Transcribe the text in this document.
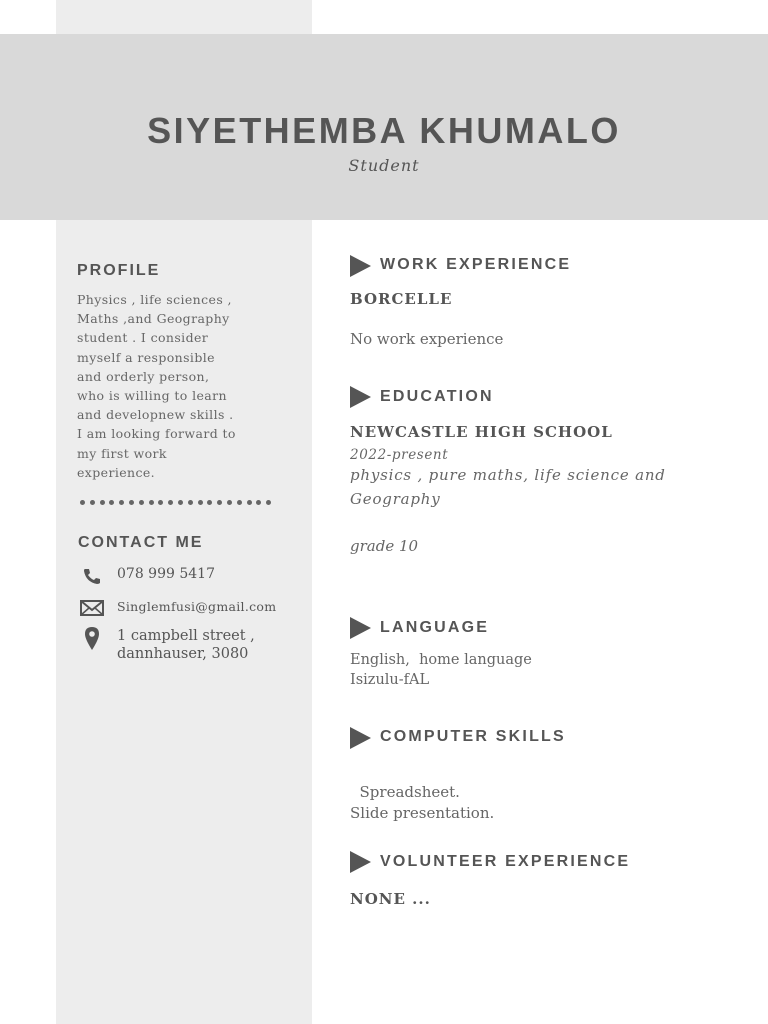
SIYETHEMBA KHUMALO
Student
PROFILE
Physics , life sciences ,
Maths ,and Geography
student . I consider
myself a responsible
and orderly person,
who is willing to learn
and developnew skills .
I am looking forward to
my first work
experience.
CONTACT ME
078 999 5417
Singlemfusi@gmail.com
1 campbell street ,
dannhauser, 3080
WORK EXPERIENCE
BORCELLE
No work experience
EDUCATION
NEWCASTLE HIGH SCHOOL
2022-present
physics , pure maths, life science and
Geography
grade 10
LANGUAGE
English,  home language
Isizulu-fAL
COMPUTER SKILLS
Spreadsheet.
Slide presentation.
VOLUNTEER EXPERIENCE
NONE ...
